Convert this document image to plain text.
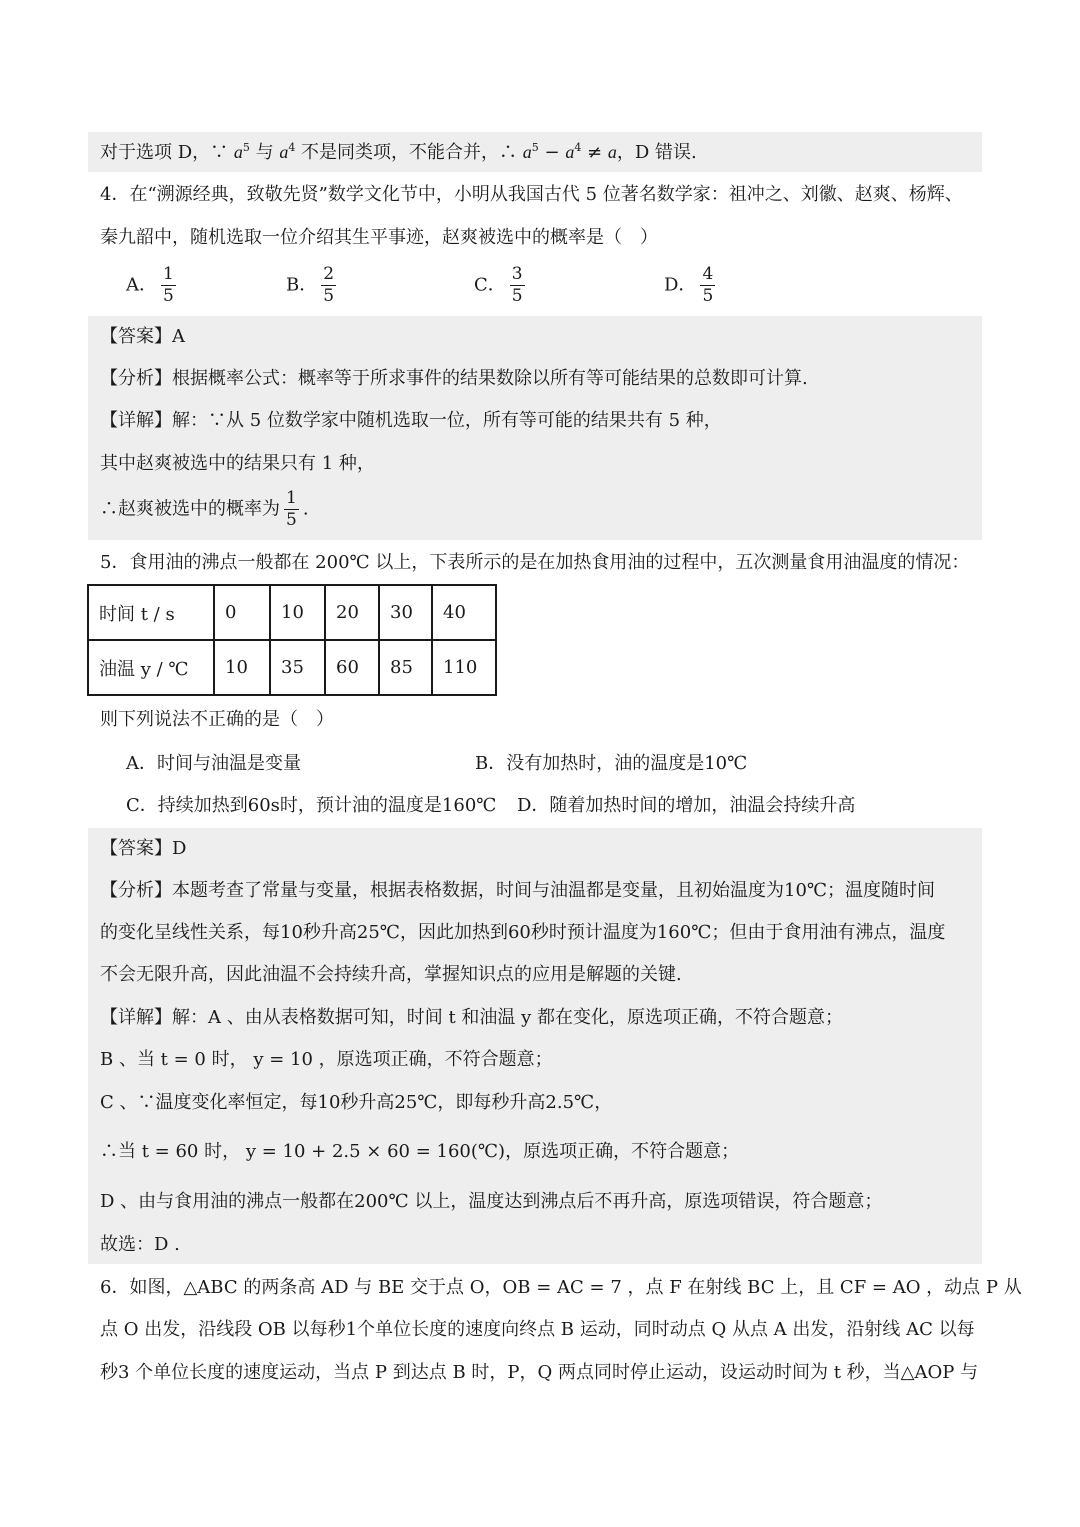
对于选项 D，∵ $a^5$ 与 $a^4$ 不是同类项，不能合并，∴ $a^5 - a^4 \ne a$，D 错误.
4．在“溯源经典，致敬先贤”数学文化节中，小明从我国古代 5 位著名数学家：祖冲之、刘徽、赵爽、杨辉、
秦九韶中，随机选取一位介绍其生平事迹，赵爽被选中的概率是（　）
A． $\frac{1}{5}$	B． $\frac{2}{5}$	C． $\frac{3}{5}$	D． $\frac{4}{5}$
【答案】A
【分析】根据概率公式：概率等于所求事件的结果数除以所有等可能结果的总数即可计算.
【详解】解：∵从 5 位数学家中随机选取一位，所有等可能的结果共有 5 种，
其中赵爽被选中的结果只有 1 种，
∴赵爽被选中的概率为 $\frac{1}{5}$ .
5．食用油的沸点一般都在 200℃ 以上，下表所示的是在加热食用油的过程中，五次测量食用油温度的情况：
时间 t / s	0	10	20	30	40
油温 y / ℃	10	35	60	85	110
则下列说法不正确的是（　）
A．时间与油温是变量	B．没有加热时，油的温度是10℃
C．持续加热到60s时，预计油的温度是160℃ D．随着加热时间的增加，油温会持续升高
【答案】D
【分析】本题考查了常量与变量，根据表格数据，时间与油温都是变量，且初始温度为10℃；温度随时间
的变化呈线性关系，每10秒升高25℃，因此加热到60秒时预计温度为160℃；但由于食用油有沸点，温度
不会无限升高，因此油温不会持续升高，掌握知识点的应用是解题的关键.
【详解】解：A 、由从表格数据可知，时间 t 和油温 y 都在变化，原选项正确，不符合题意；
B 、当 t = 0 时， y = 10 ，原选项正确，不符合题意；
C 、∵温度变化率恒定，每10秒升高25℃，即每秒升高2.5℃，
∴当 t = 60 时， y = 10 + 2.5 × 60 = 160(℃)，原选项正确，不符合题意；
D 、由与食用油的沸点一般都在200℃ 以上，温度达到沸点后不再升高，原选项错误，符合题意；
故选：D .
6．如图，△ABC 的两条高 AD 与 BE 交于点 O，OB = AC = 7 ，点 F 在射线 BC 上，且 CF = AO ，动点 P 从
点 O 出发，沿线段 OB 以每秒1个单位长度的速度向终点 B 运动，同时动点 Q 从点 A 出发，沿射线 AC 以每
秒3 个单位长度的速度运动，当点 P 到达点 B 时，P，Q 两点同时停止运动，设运动时间为 t 秒，当△AOP 与
